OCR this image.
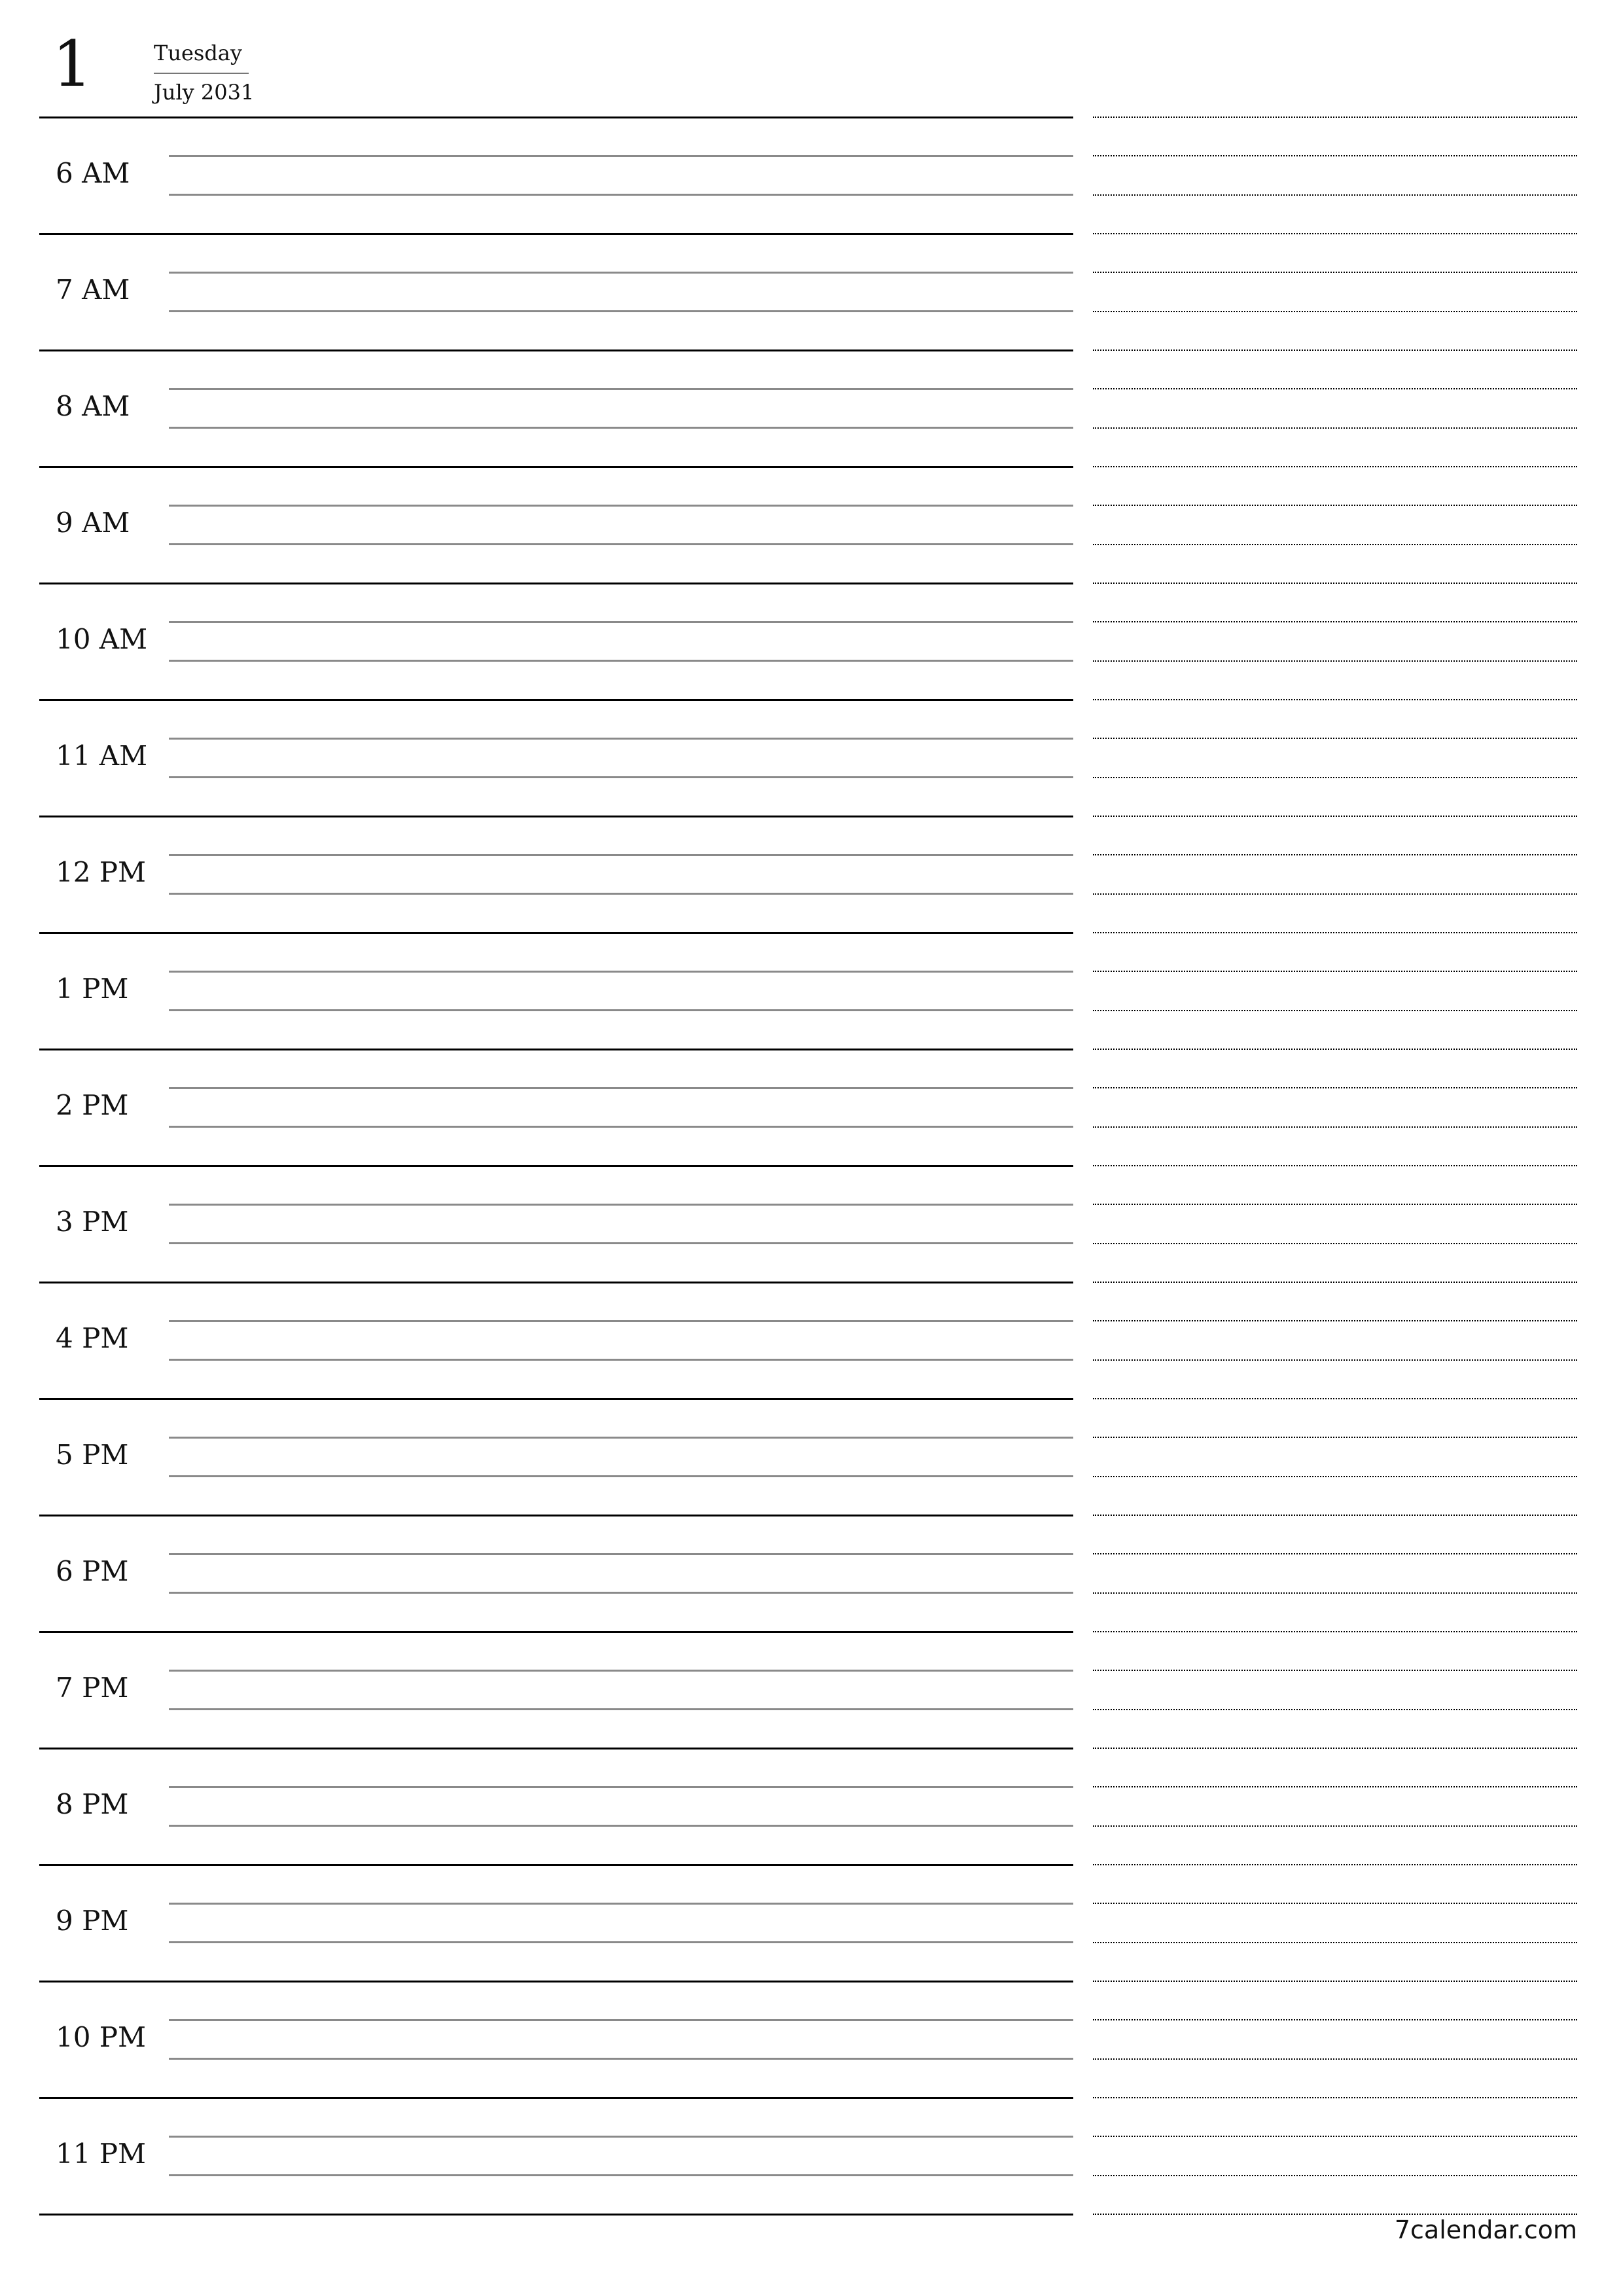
1	Tuesday
July 2031
6 AM
7 AM
8 AM
9 AM
10 AM
11 AM
12 PM
1 PM
2 PM
3 PM
4 PM
5 PM
6 PM
7 PM
8 PM
9 PM
10 PM
11 PM
7calendar.com
